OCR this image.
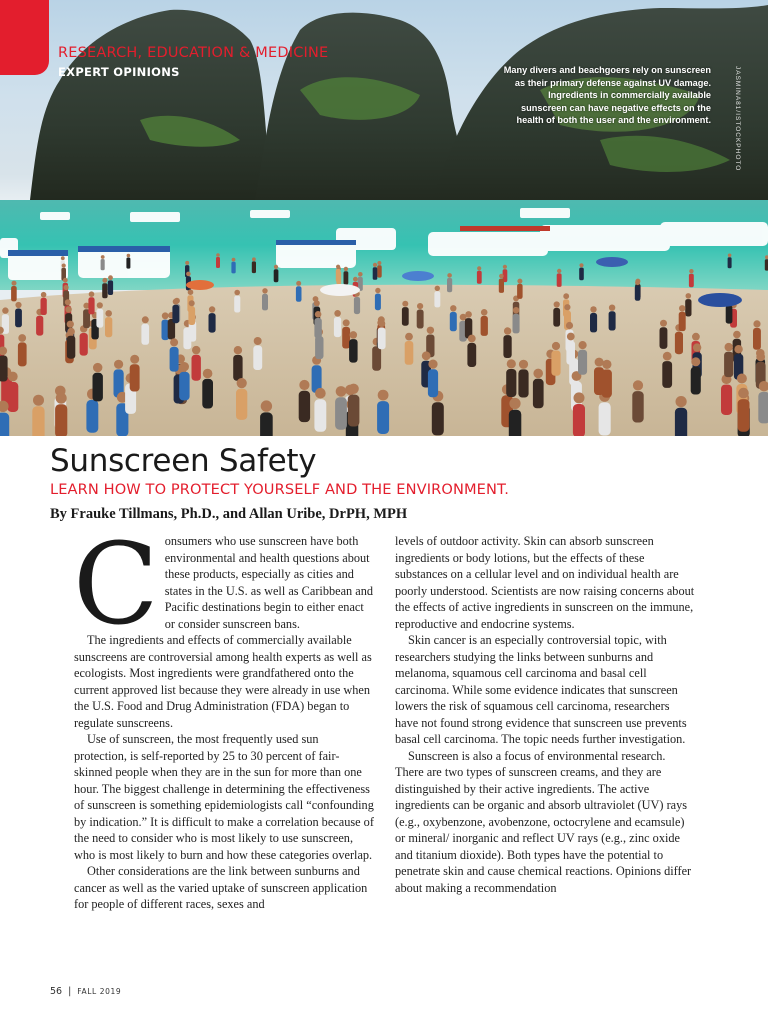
RESEARCH, EDUCATION & MEDICINE
EXPERT OPINIONS	Many divers and beachgoers rely on sunscreen as their primary defense against UV damage. Ingredients in commercially available sunscreen can have negative effects on the health of both the user and the environment.	JASMINA81/ISTOCKPHOTO
Sunscreen Safety
LEARN HOW TO PROTECT YOURSELF AND THE ENVIRONMENT.
By Frauke Tillmans, Ph.D., and Allan Uribe, DrPH, MPH

Consumers who use sunscreen have both environmental and health questions about these products, especially as cities and states in the U.S. as well as Caribbean and Pacific destinations begin to either enact or consider sunscreen bans.

The ingredients and effects of commercially available sunscreens are controversial among health experts as well as ecologists. Most ingredients were grandfathered onto the current approved list because they were already in use when the U.S. Food and Drug Administration (FDA) began to regulate sunscreens.

Use of sunscreen, the most frequently used sun protection, is self-reported by 25 to 30 percent of fair-skinned people when they are in the sun for more than one hour. The biggest challenge in determining the effectiveness of sunscreen is something epidemiologists call “confounding by indication.” It is difficult to make a correlation because of the need to consider who is most likely to use sunscreen, who is most likely to burn and how these categories overlap.

Other considerations are the link between sunburns and cancer as well as the varied uptake of sunscreen application for people of different races, sexes and

levels of outdoor activity. Skin can absorb sunscreen ingredients or body lotions, but the effects of these substances on a cellular level and on individual health are poorly understood. Scientists are now raising concerns about the effects of active ingredients in sunscreen on the immune, reproductive and endocrine systems.

Skin cancer is an especially controversial topic, with researchers studying the links between sunburns and melanoma, squamous cell carcinoma and basal cell carcinoma. While some evidence indicates that sunscreen lowers the risk of squamous cell carcinoma, researchers have not found strong evidence that sunscreen use prevents basal cell carcinoma. The topic needs further investigation.

Sunscreen is also a focus of environmental research. There are two types of sunscreen creams, and they are distinguished by their active ingredients. The active ingredients can be organic and absorb ultraviolet (UV) rays (e.g., oxybenzone, avobenzone, octocrylene and ecamsule) or mineral/ inorganic and reflect UV rays (e.g., zinc oxide and titanium dioxide). Both types have the potential to penetrate skin and cause chemical reactions. Opinions differ about making a recommendation

56 | FALL 2019
